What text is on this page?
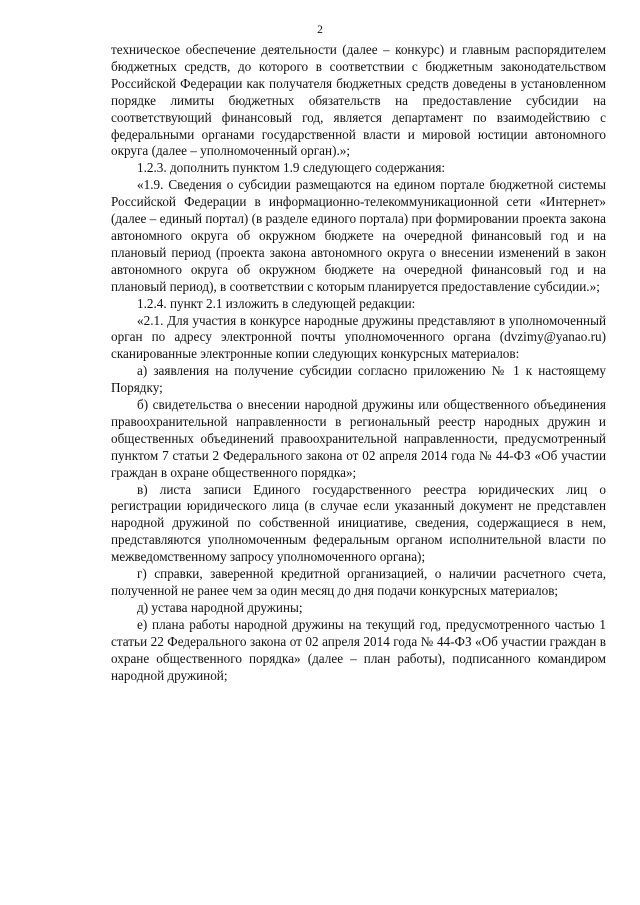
2

техническое обеспечение деятельности (далее – конкурс) и главным распорядителем бюджетных средств, до которого в соответствии с бюджетным законодательством Российской Федерации как получателя бюджетных средств доведены в установленном порядке лимиты бюджетных обязательств на предоставление субсидии на соответствующий финансовый год, является департамент по взаимодействию с федеральными органами государственной власти и мировой юстиции автономного округа (далее – уполномоченный орган).»;

1.2.3. дополнить пунктом 1.9 следующего содержания:

«1.9. Сведения о субсидии размещаются на едином портале бюджетной системы Российской Федерации в информационно-телекоммуникационной сети «Интернет» (далее – единый портал) (в разделе единого портала) при формировании проекта закона автономного округа об окружном бюджете на очередной финансовый год и на плановый период (проекта закона автономного округа о внесении изменений в закон автономного округа об окружном бюджете на очередной финансовый год и на плановый период), в соответствии с которым планируется предоставление субсидии.»;

1.2.4. пункт 2.1 изложить в следующей редакции:

«2.1. Для участия в конкурсе народные дружины представляют в уполномоченный орган по адресу электронной почты уполномоченного органа (dvzimy@yanao.ru) сканированные электронные копии следующих конкурсных материалов:

а) заявления на получение субсидии согласно приложению № 1 к настоящему Порядку;

б) свидетельства о внесении народной дружины или общественного объединения правоохранительной направленности в региональный реестр народных дружин и общественных объединений правоохранительной направленности, предусмотренный пунктом 7 статьи 2 Федерального закона от 02 апреля 2014 года № 44-ФЗ «Об участии граждан в охране общественного порядка»;

в) листа записи Единого государственного реестра юридических лиц о регистрации юридического лица (в случае если указанный документ не представлен народной дружиной по собственной инициативе, сведения, содержащиеся в нем, представляются уполномоченным федеральным органом исполнительной власти по межведомственному запросу уполномоченного органа);

г) справки, заверенной кредитной организацией, о наличии расчетного счета, полученной не ранее чем за один месяц до дня подачи конкурсных материалов;

д) устава народной дружины;

е) плана работы народной дружины на текущий год, предусмотренного частью 1 статьи 22 Федерального закона от 02 апреля 2014 года № 44-ФЗ «Об участии граждан в охране общественного порядка» (далее – план работы), подписанного командиром народной дружиной;
